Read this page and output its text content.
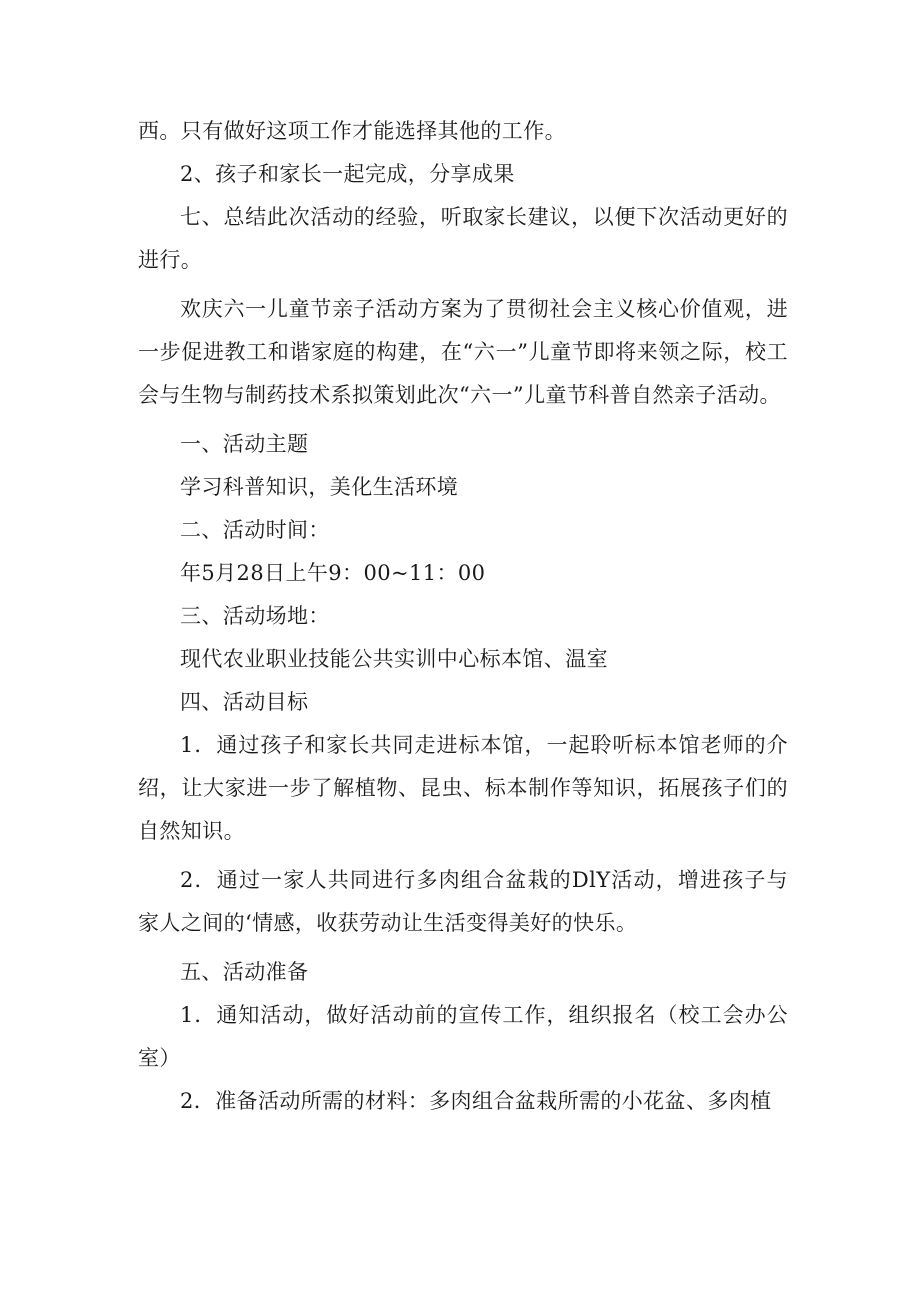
西。只有做好这项工作才能选择其他的工作。

2、孩子和家长一起完成，分享成果

七、总结此次活动的经验，听取家长建议，以便下次活动更好的进行。

欢庆六一儿童节亲子活动方案为了贯彻社会主义核心价值观，进一步促进教工和谐家庭的构建，在“六一”儿童节即将来领之际，校工会与生物与制药技术系拟策划此次“六一”儿童节科普自然亲子活动。

一、活动主题

学习科普知识，美化生活环境

二、活动时间：

年5月28日上午9：00~11：00

三、活动场地：

现代农业职业技能公共实训中心标本馆、温室

四、活动目标

1．通过孩子和家长共同走进标本馆，一起聆听标本馆老师的介绍，让大家进一步了解植物、昆虫、标本制作等知识，拓展孩子们的自然知识。

2．通过一家人共同进行多肉组合盆栽的DlY活动，增进孩子与家人之间的‘情感，收获劳动让生活变得美好的快乐。

五、活动准备

1．通知活动，做好活动前的宣传工作，组织报名（校工会办公室）

2．准备活动所需的材料：多肉组合盆栽所需的小花盆、多肉植
